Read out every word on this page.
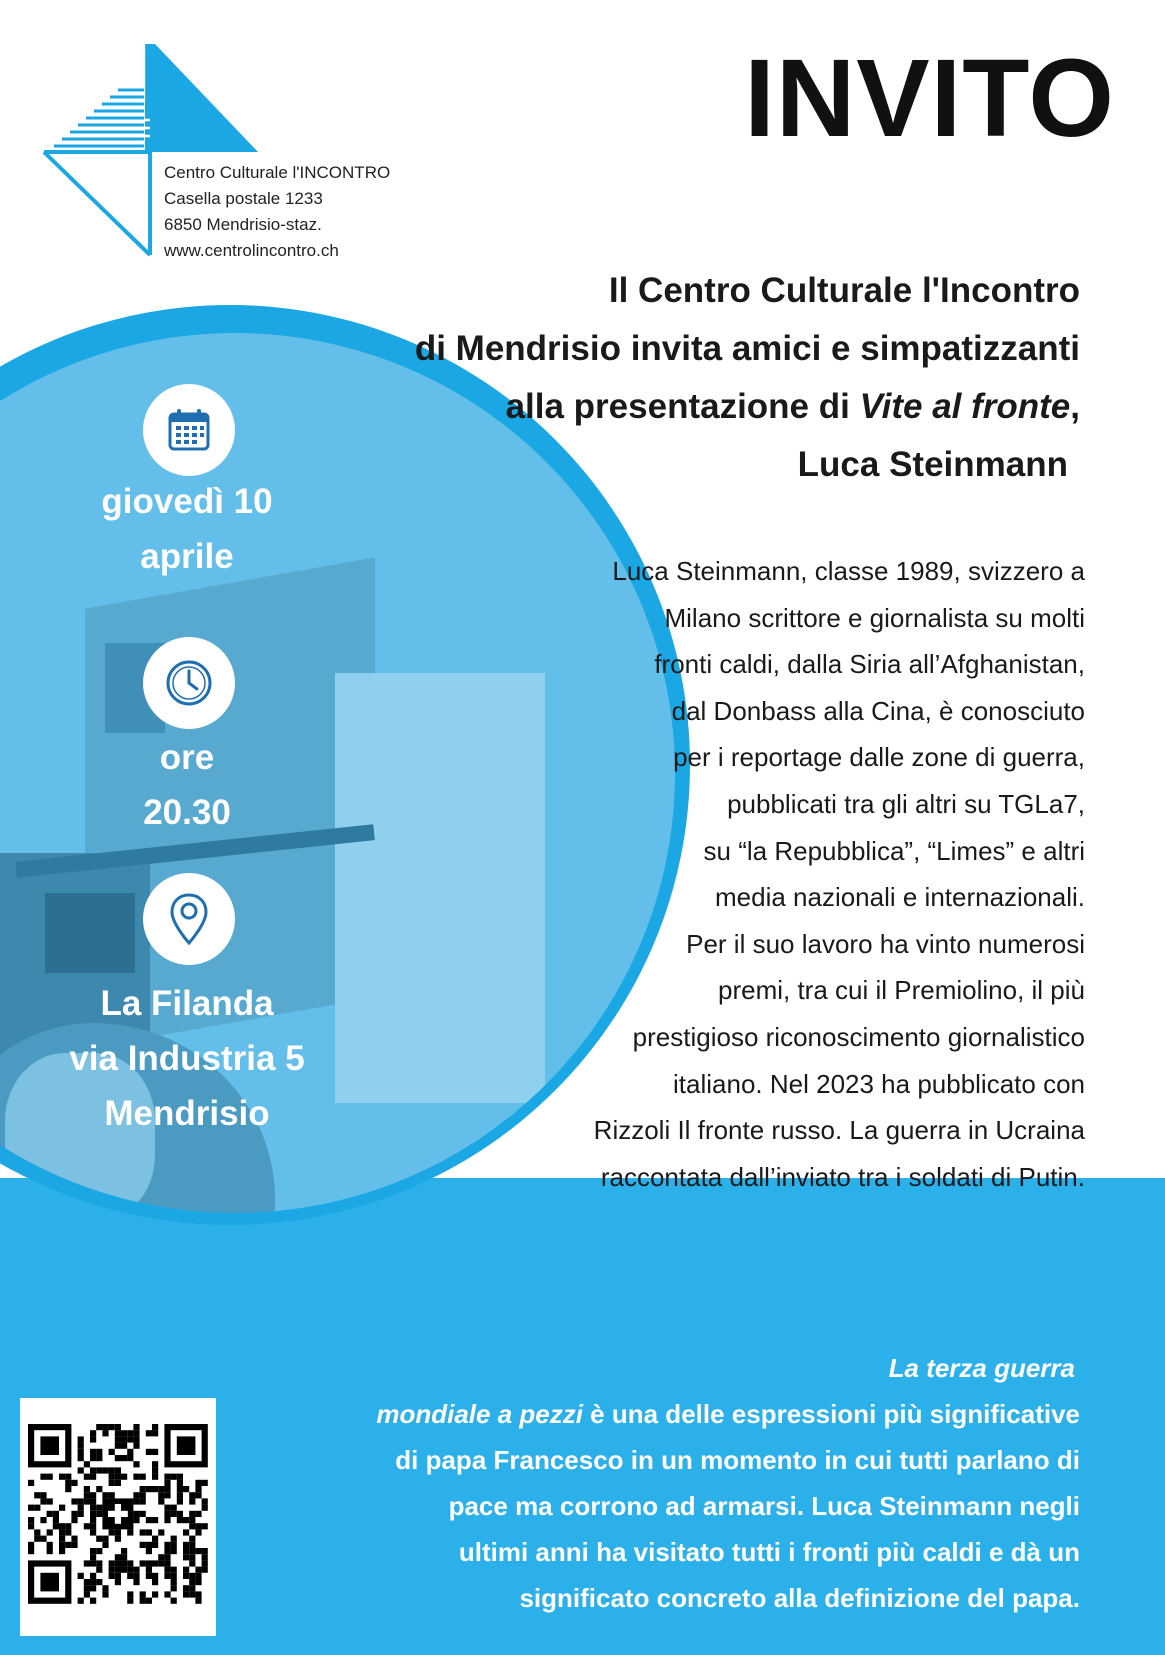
Centro Culturale l'INCONTRO
Casella postale 1233
6850 Mendrisio-staz.
www.centrolincontro.ch
INVITO
Il Centro Culturale l'Incontro
di Mendrisio invita amici e simpatizzanti
alla presentazione di Vite al fronte,
Luca Steinmann
giovedì 10
aprile
ore
20.30
La Filanda
via Industria 5
Mendrisio
Luca Steinmann, classe 1989, svizzero a
Milano scrittore e giornalista su molti
fronti caldi, dalla Siria all’Afghanistan,
dal Donbass alla Cina, è conosciuto
per i reportage dalle zone di guerra,
pubblicati tra gli altri su TGLa7,
su “la Repubblica”, “Limes” e altri
media nazionali e internazionali.
Per il suo lavoro ha vinto numerosi
premi, tra cui il Premiolino, il più
prestigioso riconoscimento giornalistico
italiano. Nel 2023 ha pubblicato con
Rizzoli Il fronte russo. La guerra in Ucraina
raccontata dall’inviato tra i soldati di Putin.
La terza guerra
mondiale a pezzi è una delle espressioni più significative
di papa Francesco in un momento in cui tutti parlano di
pace ma corrono ad armarsi. Luca Steinmann negli
ultimi anni ha visitato tutti i fronti più caldi e dà un
significato concreto alla definizione del papa.
